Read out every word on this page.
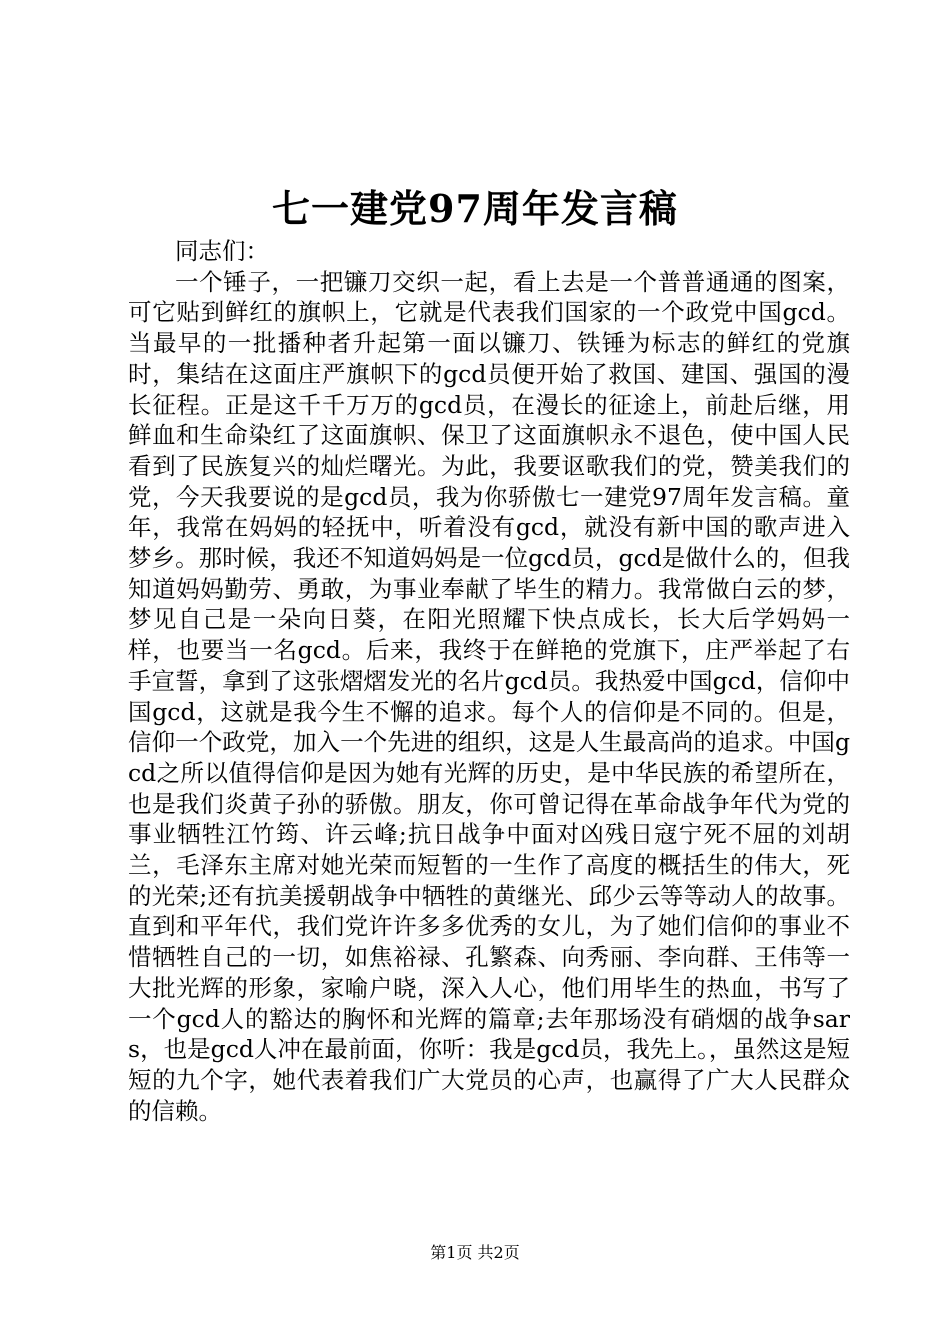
七一建党97周年发言稿

同志们：

一个锤子，一把镰刀交织一起，看上去是一个普普通通的图案，可它贴到鲜红的旗帜上，它就是代表我们国家的一个政党中国gcd。当最早的一批播种者升起第一面以镰刀、铁锤为标志的鲜红的党旗时，集结在这面庄严旗帜下的gcd员便开始了救国、建国、强国的漫长征程。正是这千千万万的gcd员，在漫长的征途上，前赴后继，用鲜血和生命染红了这面旗帜、保卫了这面旗帜永不退色，使中国人民看到了民族复兴的灿烂曙光。为此，我要讴歌我们的党，赞美我们的党，今天我要说的是gcd员，我为你骄傲七一建党97周年发言稿。童年，我常在妈妈的轻抚中，听着没有gcd，就没有新中国的歌声进入梦乡。那时候，我还不知道妈妈是一位gcd员，gcd是做什么的，但我知道妈妈勤劳、勇敢，为事业奉献了毕生的精力。我常做白云的梦，梦见自己是一朵向日葵，在阳光照耀下快点成长，长大后学妈妈一样，也要当一名gcd。后来，我终于在鲜艳的党旗下，庄严举起了右手宣誓，拿到了这张熠熠发光的名片gcd员。我热爱中国gcd，信仰中国gcd，这就是我今生不懈的追求。每个人的信仰是不同的。但是，信仰一个政党，加入一个先进的组织，这是人生最高尚的追求。中国gcd之所以值得信仰是因为她有光辉的历史，是中华民族的希望所在，也是我们炎黄子孙的骄傲。朋友，你可曾记得在革命战争年代为党的事业牺牲江竹筠、许云峰;抗日战争中面对凶残日寇宁死不屈的刘胡兰，毛泽东主席对她光荣而短暂的一生作了高度的概括生的伟大，死的光荣;还有抗美援朝战争中牺牲的黄继光、邱少云等等动人的故事。直到和平年代，我们党许许多多优秀的女儿，为了她们信仰的事业不惜牺牲自己的一切，如焦裕禄、孔繁森、向秀丽、李向群、王伟等一大批光辉的形象，家喻户晓，深入人心，他们用毕生的热血，书写了一个gcd人的豁达的胸怀和光辉的篇章;去年那场没有硝烟的战争sars，也是gcd人冲在最前面，你听：我是gcd员，我先上。，虽然这是短短的九个字，她代表着我们广大党员的心声，也赢得了广大人民群众的信赖。

第1页 共2页
